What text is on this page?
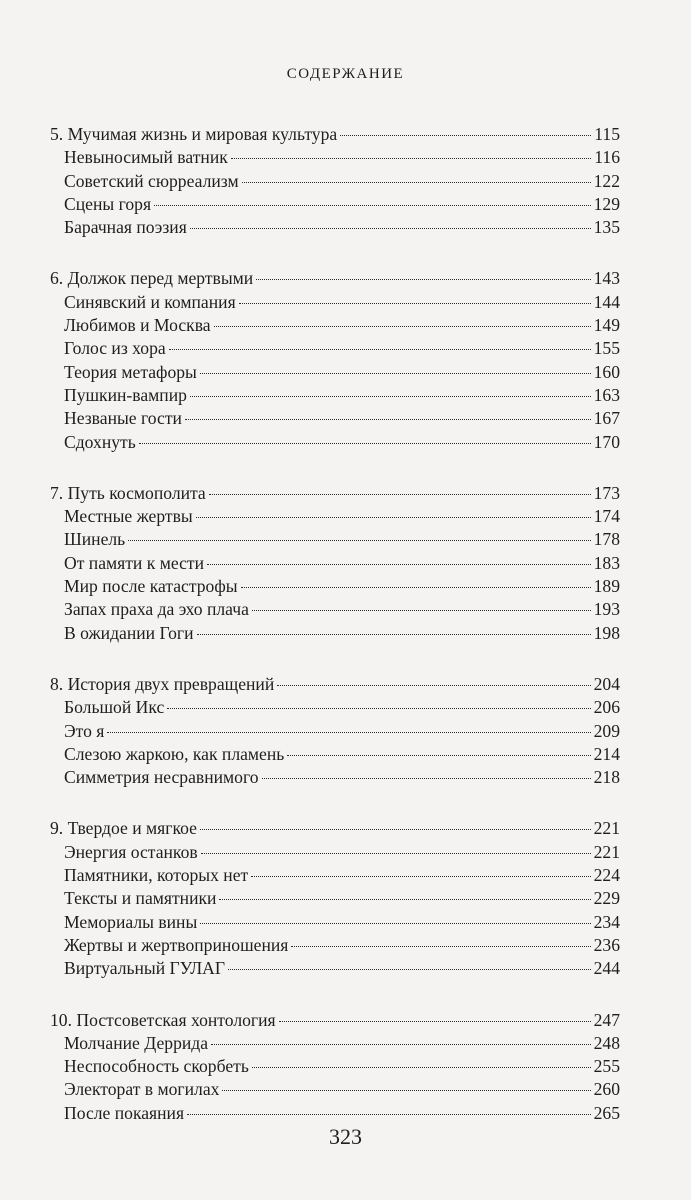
СОДЕРЖАНИЕ
5. Мучимая жизнь и мировая культура	115
Невыносимый ватник	116
Советский сюрреализм	122
Сцены горя	129
Барачная поэзия	135
6. Должок перед мертвыми	143
Синявский и компания	144
Любимов и Москва	149
Голос из хора	155
Теория метафоры	160
Пушкин-вампир	163
Незваные гости	167
Сдохнуть	170
7. Путь космополита	173
Местные жертвы	174
Шинель	178
От памяти к мести	183
Мир после катастрофы	189
Запах праха да эхо плача	193
В ожидании Гоги	198
8. История двух превращений	204
Большой Икс	206
Это я	209
Слезою жаркою, как пламень	214
Симметрия несравнимого	218
9. Твердое и мягкое	221
Энергия останков	221
Памятники, которых нет	224
Тексты и памятники	229
Мемориалы вины	234
Жертвы и жертвоприношения	236
Виртуальный ГУЛАГ	244
10. Постсоветская хонтология	247
Молчание Деррида	248
Неспособность скорбеть	255
Электорат в могилах	260
После покаяния	265
323
